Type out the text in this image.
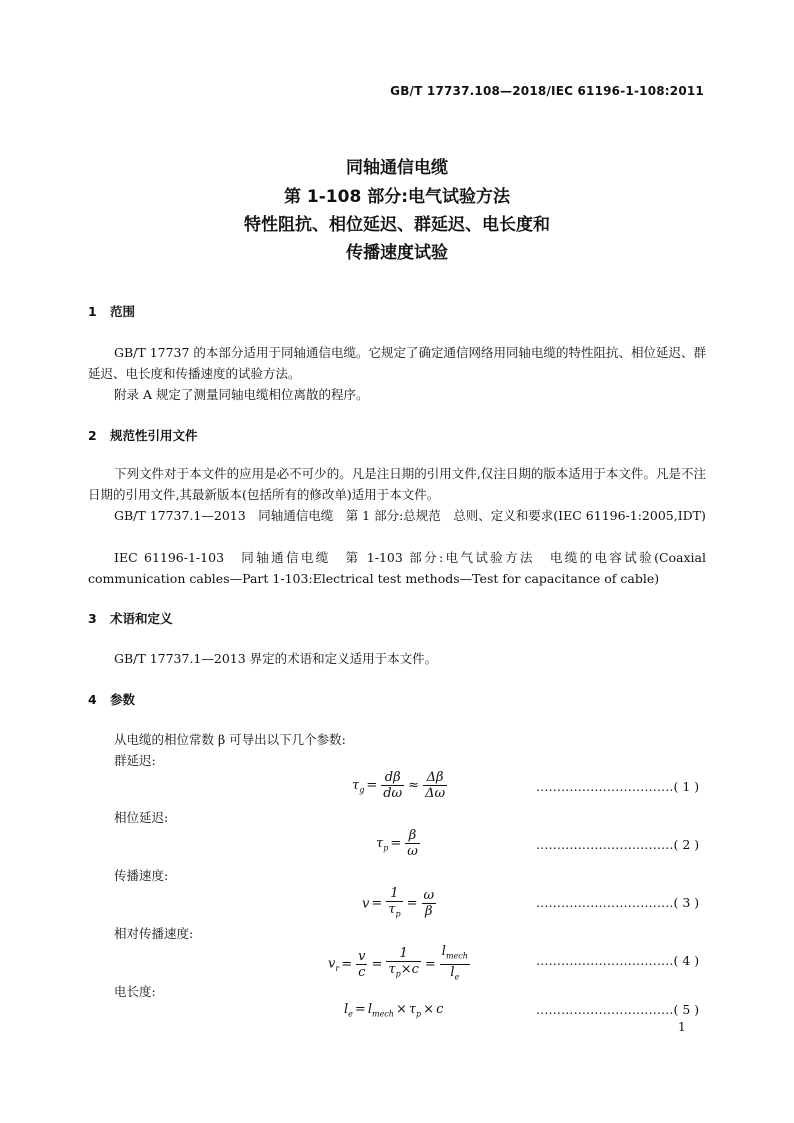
GB/T 17737.108—2018/IEC 61196-1-108:2011
同轴通信电缆
第 1-108 部分:电气试验方法
特性阻抗、相位延迟、群延迟、电长度和
传播速度试验
1 范围
GB/T 17737 的本部分适用于同轴通信电缆。它规定了确定通信网络用同轴电缆的特性阻抗、相位延迟、群延迟、电长度和传播速度的试验方法。
附录 A 规定了测量同轴电缆相位离散的程序。
2 规范性引用文件
下列文件对于本文件的应用是必不可少的。凡是注日期的引用文件,仅注日期的版本适用于本文件。凡是不注日期的引用文件,其最新版本(包括所有的修改单)适用于本文件。
GB/T 17737.1—2013　同轴通信电缆　第 1 部分:总规范　总则、定义和要求(IEC 61196-1:2005,IDT)
IEC 61196-1-103　同轴通信电缆　第 1-103 部分:电气试验方法　电缆的电容试验(Coaxial communication cables—Part 1-103:Electrical test methods—Test for capacitance of cable)
3 术语和定义
GB/T 17737.1—2013 界定的术语和定义适用于本文件。
4 参数
从电缆的相位常数 β 可导出以下几个参数:
群延迟:
$\tau_g = \frac{d\beta}{d\omega} \approx \frac{\Delta\beta}{\Delta\omega}$	……………………………( 1 )
相位延迟:
$\tau_p = \frac{\beta}{\omega}$	……………………………( 2 )
传播速度:
$v = \frac{1}{\tau_p} = \frac{\omega}{\beta}$	……………………………( 3 )
相对传播速度:
$v_r = \frac{v}{c} = \frac{1}{\tau_p\times c} = \frac{l_{mech}}{l_e}$	……………………………( 4 )
电长度:
$l_e = l_{mech} \times \tau_p \times c$	……………………………( 5 )
1
